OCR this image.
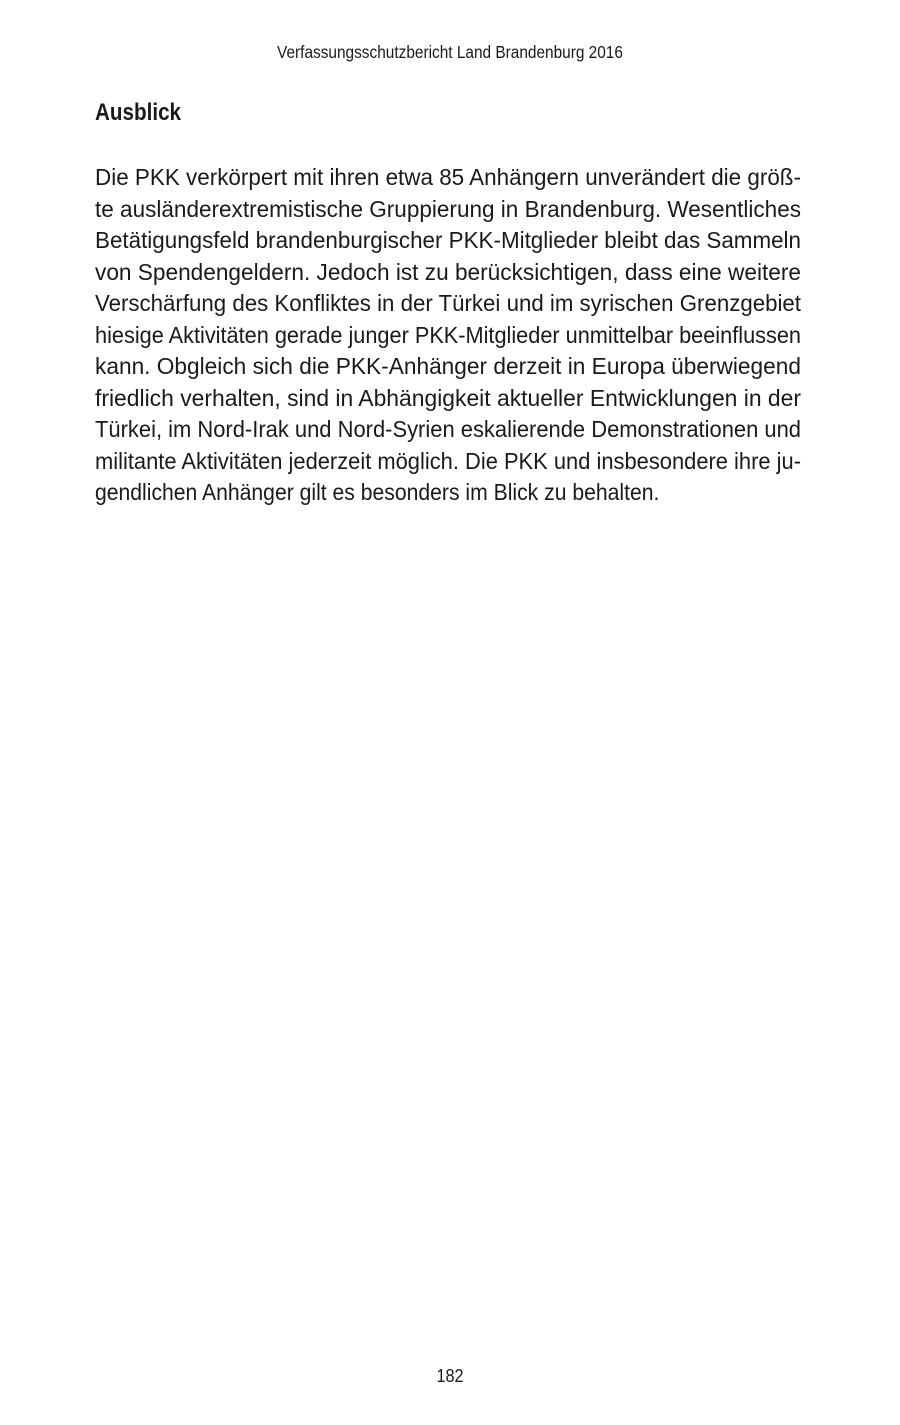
Verfassungsschutzbericht Land Brandenburg 2016
Ausblick
Die PKK verkörpert mit ihren etwa 85 Anhängern unverändert die größ-
te ausländerextremistische Gruppierung in Brandenburg. Wesentliches
Betätigungsfeld brandenburgischer PKK-Mitglieder bleibt das Sammeln
von Spendengeldern. Jedoch ist zu berücksichtigen, dass eine weitere
Verschärfung des Konfliktes in der Türkei und im syrischen Grenzgebiet
hiesige Aktivitäten gerade junger PKK-Mitglieder unmittelbar beeinflussen
kann. Obgleich sich die PKK-Anhänger derzeit in Europa überwiegend
friedlich verhalten, sind in Abhängigkeit aktueller Entwicklungen in der
Türkei, im Nord-Irak und Nord-Syrien eskalierende Demonstrationen und
militante Aktivitäten jederzeit möglich. Die PKK und insbesondere ihre ju-
gendlichen Anhänger gilt es besonders im Blick zu behalten.
182
